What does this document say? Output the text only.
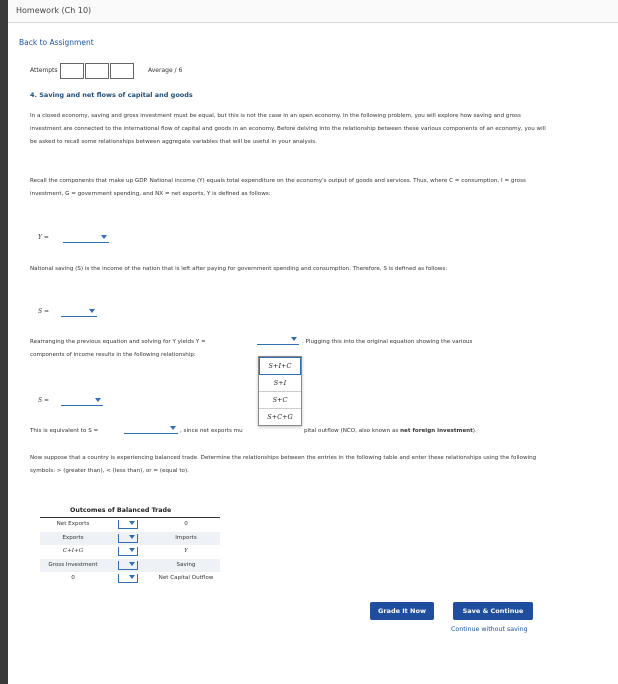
Homework (Ch 10)
Back to Assignment
Attempts	Average / 6
4. Saving and net flows of capital and goods
In a closed economy, saving and gross investment must be equal, but this is not the case in an open economy. In the following problem, you will explore how saving and gross investment are connected to the international flow of capital and goods in an economy. Before delving into the relationship between these various components of an economy, you will be asked to recall some relationships between aggregate variables that will be useful in your analysis.
Recall the components that make up GDP. National income (Y) equals total expenditure on the economy's output of goods and services. Thus, where C = consumption, I = gross investment, G = government spending, and NX = net exports, Y is defined as follows:
Y =
National saving (S) is the income of the nation that is left after paying for government spending and consumption. Therefore, S is defined as follows:
S =
Rearranging the previous equation and solving for Y yields Y =	. Plugging this into the original equation showing the various
components of income results in the following relationship:
S+I+C
S+I
S+C
S+C+G
S =
This is equivalent to S =	, since net exports mu	pital outflow (NCO, also known as net foreign investment).
Now suppose that a country is experiencing balanced trade. Determine the relationships between the entries in the following table and enter these relationships using the following symbols: > (greater than), < (less than), or = (equal to).
Outcomes of Balanced Trade
Net Exports	0
Exports	Imports
C+I+G	Y
Gross Investment	Saving
0	Net Capital Outflow
Grade It Now	Save & Continue
Continue without saving
